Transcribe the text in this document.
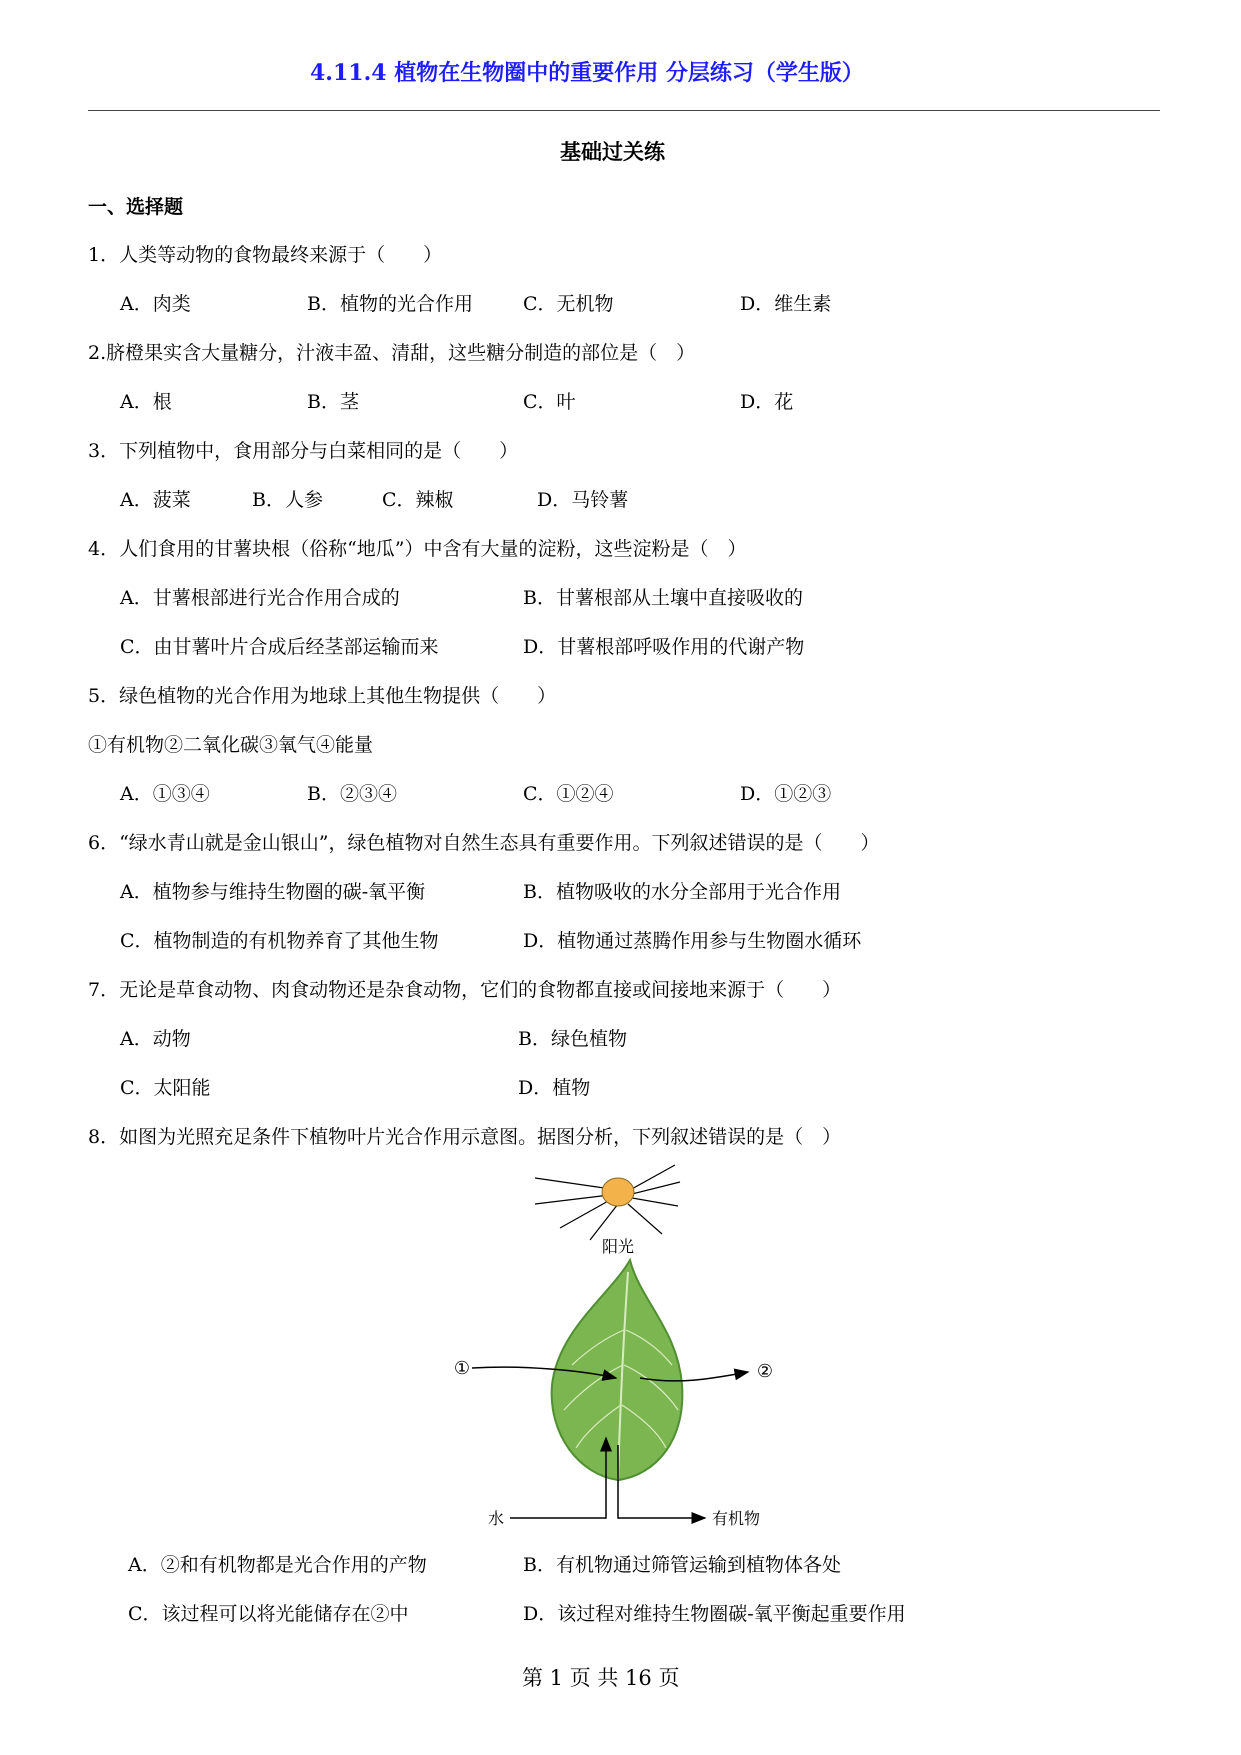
4.11.4 植物在生物圈中的重要作用 分层练习（学生版）
基础过关练
一、选择题
1．人类等动物的食物最终来源于（　　）
A．肉类	B．植物的光合作用	C．无机物	D．维生素
2.脐橙果实含大量糖分，汁液丰盈、清甜，这些糖分制造的部位是（　）
A．根	B．茎	C．叶	D．花
3．下列植物中，食用部分与白菜相同的是（　　）
A．菠菜	B．人参	C．辣椒	D．马铃薯
4．人们食用的甘薯块根（俗称“地瓜”）中含有大量的淀粉，这些淀粉是（　）
A．甘薯根部进行光合作用合成的	B．甘薯根部从土壤中直接吸收的
C．由甘薯叶片合成后经茎部运输而来	D．甘薯根部呼吸作用的代谢产物
5．绿色植物的光合作用为地球上其他生物提供（　　）
①有机物②二氧化碳③氧气④能量
A．①③④	B．②③④	C．①②④	D．①②③
6．“绿水青山就是金山银山”，绿色植物对自然生态具有重要作用。下列叙述错误的是（　　）
A．植物参与维持生物圈的碳-氧平衡	B．植物吸收的水分全部用于光合作用
C．植物制造的有机物养育了其他生物	D．植物通过蒸腾作用参与生物圈水循环
7．无论是草食动物、肉食动物还是杂食动物，它们的食物都直接或间接地来源于（　　）
A．动物	B．绿色植物
C．太阳能	D．植物
8．如图为光照充足条件下植物叶片光合作用示意图。据图分析，下列叙述错误的是（　）
阳光
①	②
水	有机物
A．②和有机物都是光合作用的产物	B．有机物通过筛管运输到植物体各处
C．该过程可以将光能储存在②中	D．该过程对维持生物圈碳-氧平衡起重要作用
第 1 页 共 16 页
